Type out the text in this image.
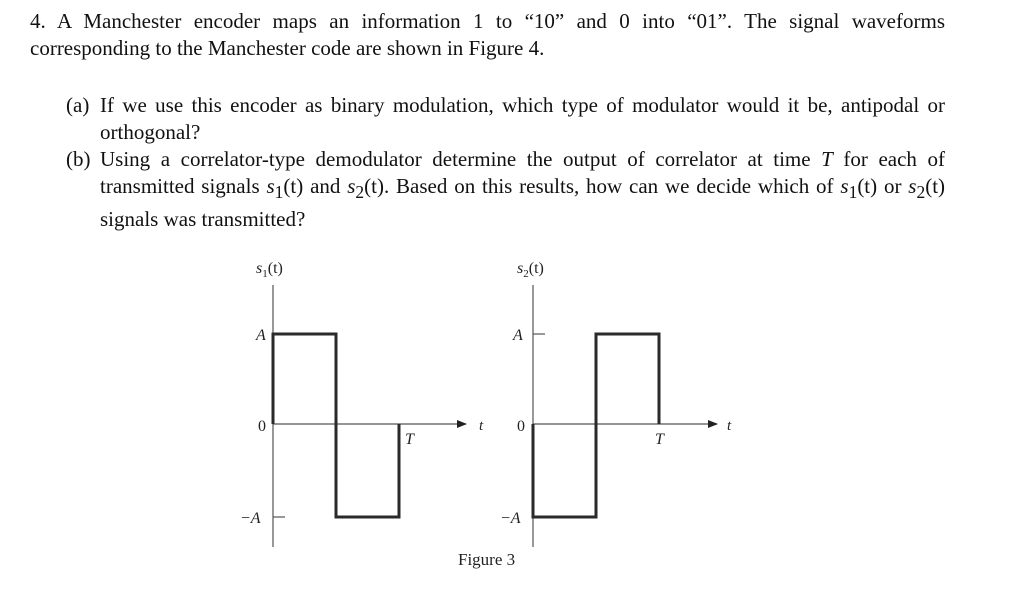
4. A Manchester encoder maps an information 1 to “10” and 0 into “01”. The signal waveforms corresponding to the Manchester code are shown in Figure 4.

(a) If we use this encoder as binary modulation, which type of modulator would it be, antipodal or orthogonal?

(b) Using a correlator-type demodulator determine the output of correlator at time T for each of transmitted signals $s_1(t)$ and $s_2(t)$. Based on this results, how can we decide which of $s_1(t)$ or $s_2(t)$ signals was transmitted?

$s_1(t)$
A
0
−A
t
T
$s_2(t)$
A
0
−A
t
T
Figure 3
